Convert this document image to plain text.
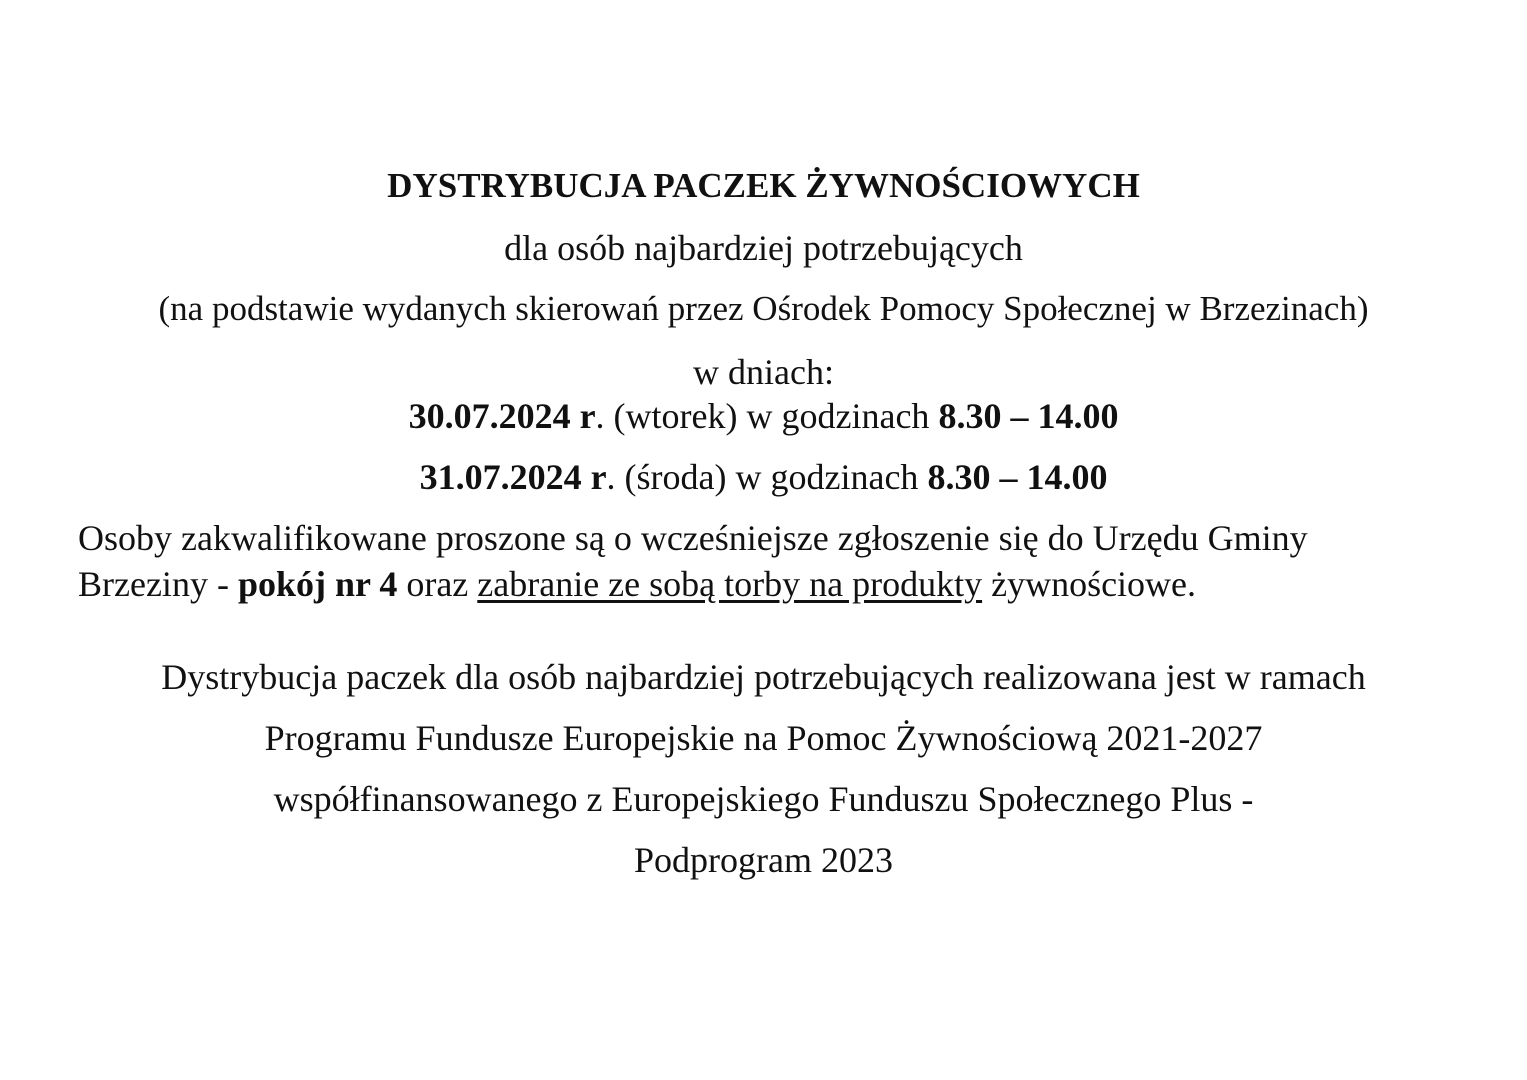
DYSTRYBUCJA PACZEK ŻYWNOŚCIOWYCH
dla osób najbardziej potrzebujących
(na podstawie wydanych skierowań przez Ośrodek Pomocy Społecznej w Brzezinach)
w dniach:
30.07.2024 r. (wtorek) w godzinach 8.30 – 14.00
31.07.2024 r. (środa) w godzinach 8.30 – 14.00
Osoby zakwalifikowane proszone są o wcześniejsze zgłoszenie się do Urzędu Gminy
Brzeziny - pokój nr 4 oraz zabranie ze sobą torby na produkty żywnościowe.
Dystrybucja paczek dla osób najbardziej potrzebujących realizowana jest w ramach
Programu Fundusze Europejskie na Pomoc Żywnościową 2021-2027
współfinansowanego z Europejskiego Funduszu Społecznego Plus -
Podprogram 2023
